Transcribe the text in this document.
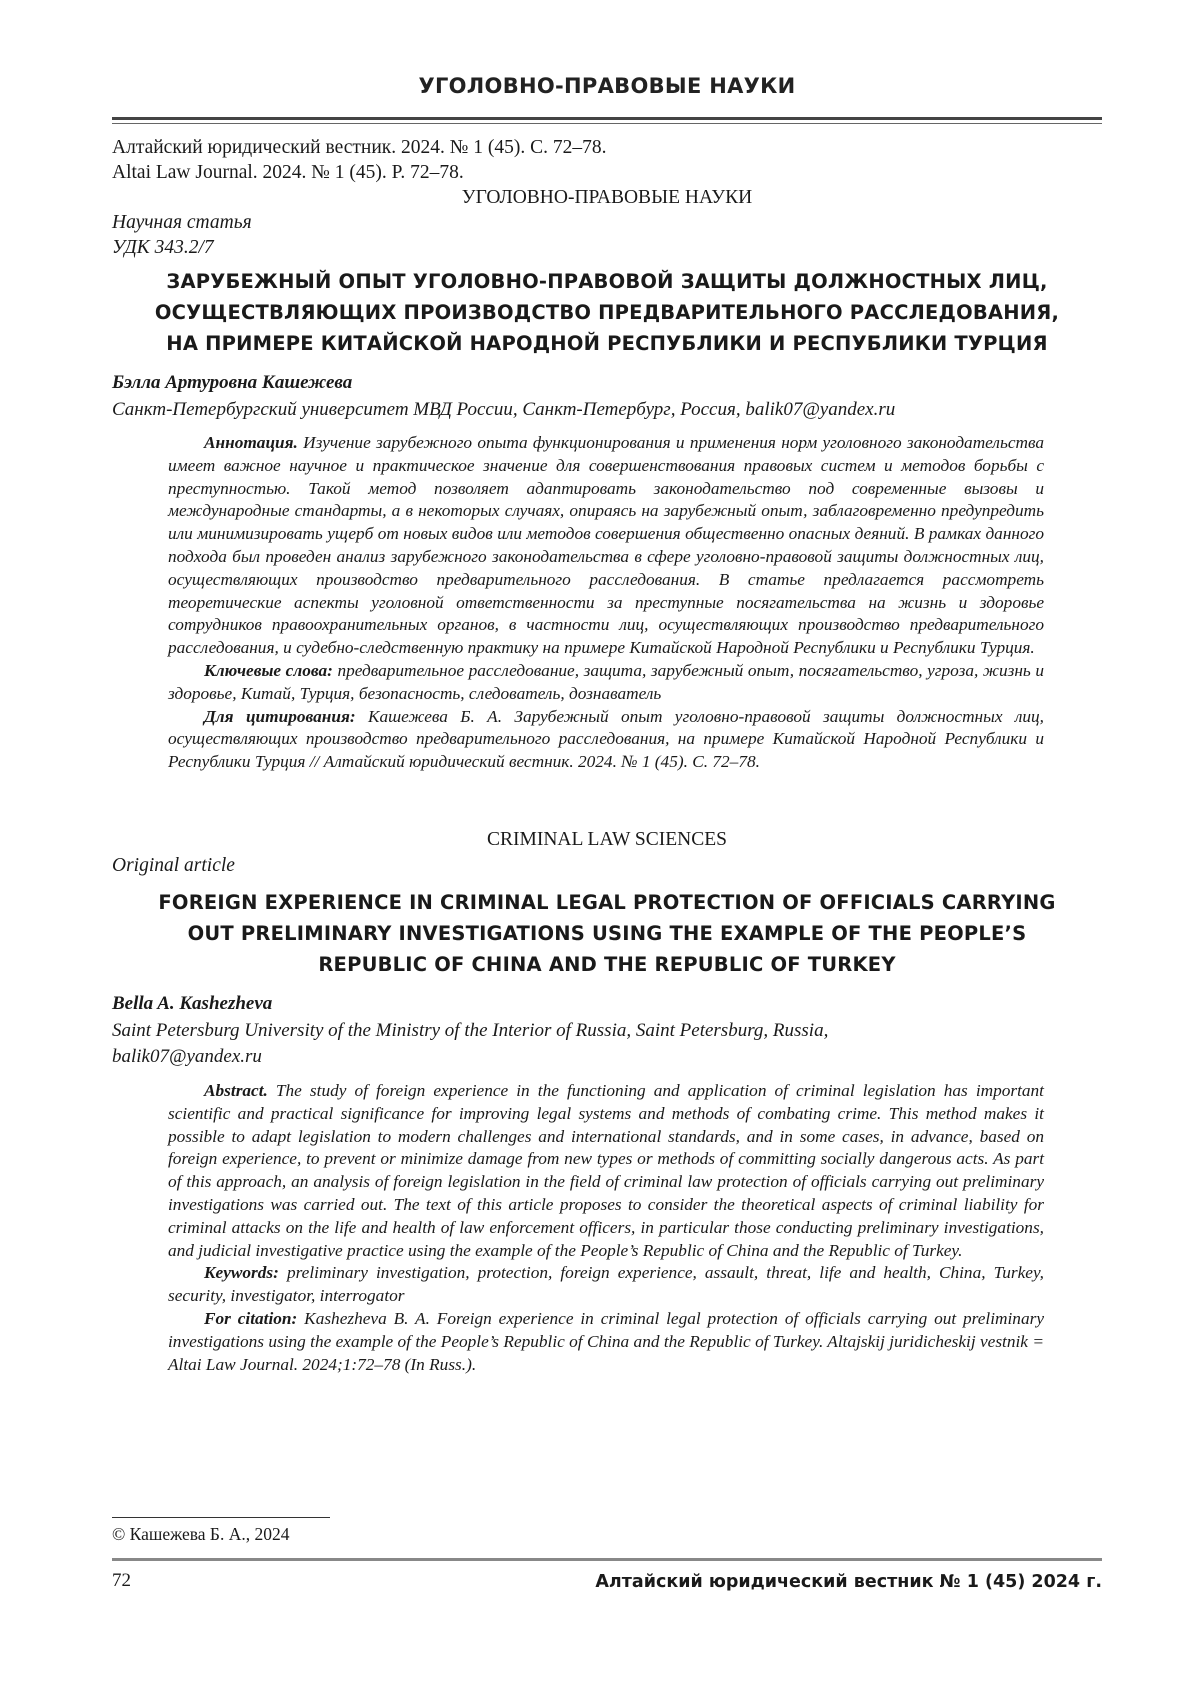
УГОЛОВНО-ПРАВОВЫЕ НАУКИ
Алтайский юридический вестник. 2024. № 1 (45). С. 72–78.
Altai Law Journal. 2024. № 1 (45). P. 72–78.
УГОЛОВНО-ПРАВОВЫЕ НАУКИ
Научная статья
УДК 343.2/7
ЗАРУБЕЖНЫЙ ОПЫТ УГОЛОВНО-ПРАВОВОЙ ЗАЩИТЫ ДОЛЖНОСТНЫХ ЛИЦ,
ОСУЩЕСТВЛЯЮЩИХ ПРОИЗВОДСТВО ПРЕДВАРИТЕЛЬНОГО РАССЛЕДОВАНИЯ,
НА ПРИМЕРЕ КИТАЙСКОЙ НАРОДНОЙ РЕСПУБЛИКИ И РЕСПУБЛИКИ ТУРЦИЯ
Бэлла Артуровна Кашежева
Санкт-Петербургский университет МВД России, Санкт-Петербург, Россия, balik07@yandex.ru

Аннотация. Изучение зарубежного опыта функционирования и применения норм уголовного законодательства имеет важное научное и практическое значение для совершенствования правовых систем и методов борьбы с преступностью. Такой метод позволяет адаптировать законодательство под современные вызовы и международные стандарты, а в некоторых случаях, опираясь на зарубежный опыт, заблаговременно предупредить или минимизировать ущерб от новых видов или методов совершения общественно опасных деяний. В рамках данного подхода был проведен анализ зарубежного законодательства в сфере уголовно-правовой защиты должностных лиц, осуществляющих производство предварительного расследования. В статье предлагается рассмотреть теоретические аспекты уголовной ответственности за преступные посягательства на жизнь и здоровье сотрудников правоохранительных органов, в частности лиц, осуществляющих производство предварительного расследования, и судебно-следственную практику на примере Китайской Народной Республики и Республики Турция.

Ключевые слова: предварительное расследование, защита, зарубежный опыт, посягательство, угроза, жизнь и здоровье, Китай, Турция, безопасность, следователь, дознаватель

Для цитирования: Кашежева Б. А. Зарубежный опыт уголовно-правовой защиты должностных лиц, осуществляющих производство предварительного расследования, на примере Китайской Народной Республики и Республики Турция // Алтайский юридический вестник. 2024. № 1 (45). С. 72–78.

CRIMINAL LAW SCIENCES
Original article
FOREIGN EXPERIENCE IN CRIMINAL LEGAL PROTECTION OF OFFICIALS CARRYING
OUT PRELIMINARY INVESTIGATIONS USING THE EXAMPLE OF THE PEOPLE’S
REPUBLIC OF CHINA AND THE REPUBLIC OF TURKEY
Bella A. Kashezheva
Saint Petersburg University of the Ministry of the Interior of Russia, Saint Petersburg, Russia,
balik07@yandex.ru

Abstract. The study of foreign experience in the functioning and application of criminal legislation has important scientific and practical significance for improving legal systems and methods of combating crime. This method makes it possible to adapt legislation to modern challenges and international standards, and in some cases, in advance, based on foreign experience, to prevent or minimize damage from new types or methods of committing socially dangerous acts. As part of this approach, an analysis of foreign legislation in the field of criminal law protection of officials carrying out preliminary investigations was carried out. The text of this article proposes to consider the theoretical aspects of criminal liability for criminal attacks on the life and health of law enforcement officers, in particular those conducting preliminary investigations, and judicial investigative practice using the example of the People’s Republic of China and the Republic of Turkey.

Keywords: preliminary investigation, protection, foreign experience, assault, threat, life and health, China, Turkey, security, investigator, interrogator

For citation: Kashezheva B. A. Foreign experience in criminal legal protection of officials carrying out preliminary investigations using the example of the People’s Republic of China and the Republic of Turkey. Altajskij juridicheskij vestnik = Altai Law Journal. 2024;1:72–78 (In Russ.).

© Кашежева Б. А., 2024
72	Алтайский юридический вестник № 1 (45) 2024 г.
